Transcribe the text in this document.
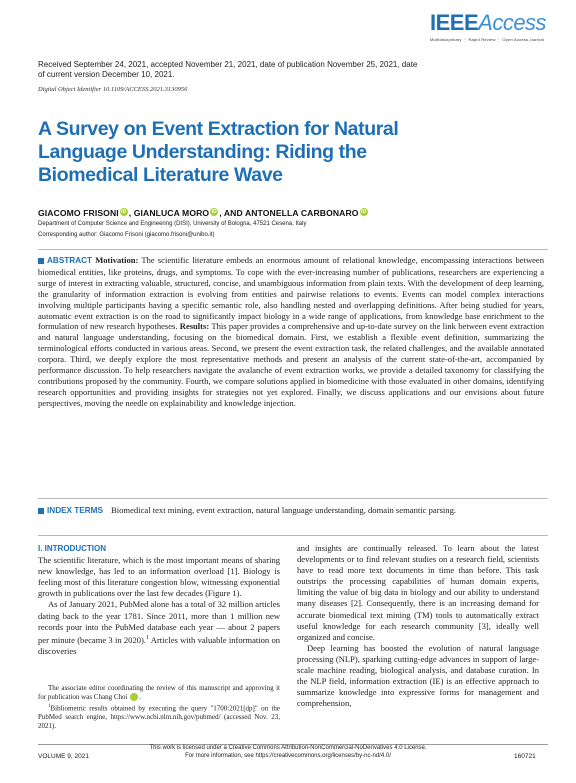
IEEEAccess
Multidisciplinary ⋮ Rapid Review ⋮ Open Access Journal
Received September 24, 2021, accepted November 21, 2021, date of publication November 25, 2021, date of current version December 10, 2021.
Digital Object Identifier 10.1109/ACCESS.2021.3130956
A Survey on Event Extraction for Natural Language Understanding: Riding the Biomedical Literature Wave
GIACOMO FRISONI iD , GIANLUCA MORO iD , AND ANTONELLA CARBONARO iD
Department of Computer Science and Engineering (DISI), University of Bologna, 47521 Cesena, Italy
Corresponding author: Giacomo Frisoni (giacomo.frisoni@unibo.it)
ABSTRACT Motivation: The scientific literature embeds an enormous amount of relational knowledge, encompassing interactions between biomedical entities, like proteins, drugs, and symptoms. To cope with the ever-increasing number of publications, researchers are experiencing a surge of interest in extracting valuable, structured, concise, and unambiguous information from plain texts. With the development of deep learning, the granularity of information extraction is evolving from entities and pairwise relations to events. Events can model complex interactions involving multiple participants having a specific semantic role, also handling nested and overlapping definitions. After being studied for years, automatic event extraction is on the road to significantly impact biology in a wide range of applications, from knowledge base enrichment to the formulation of new research hypotheses. Results: This paper provides a comprehensive and up-to-date survey on the link between event extraction and natural language understanding, focusing on the biomedical domain. First, we establish a flexible event definition, summarizing the terminological efforts conducted in various areas. Second, we present the event extraction task, the related challenges, and the available annotated corpora. Third, we deeply explore the most representative methods and present an analysis of the current state-of-the-art, accompanied by performance discussion. To help researchers navigate the avalanche of event extraction works, we provide a detailed taxonomy for classifying the contributions proposed by the community. Fourth, we compare solutions applied in biomedicine with those evaluated in other domains, identifying research opportunities and providing insights for strategies not yet explored. Finally, we discuss applications and our envisions about future perspectives, moving the needle on explainability and knowledge injection.
INDEX TERMS Biomedical text mining, event extraction, natural language understanding, domain semantic parsing.
I. INTRODUCTION

The scientific literature, which is the most important means of sharing new knowledge, has led to an information overload [1]. Biology is feeling most of this literature congestion blow, witnessing exponential growth in publications over the last few decades (Figure 1).

As of January 2021, PubMed alone has a total of 32 million articles dating back to the year 1781. Since 2011, more than 1 million new records pour into the PubMed database each year — about 2 papers per minute (became 3 in 2020).$^1$ Articles with valuable information on discoveries

The associate editor coordinating the review of this manuscript and approving it for publication was Chang Choi	iD

$^1$Bibliometric results obtained by executing the query "1700:2021[dp]" on the PubMed search engine, https://www.ncbi.nlm.nih.gov/pubmed/ (accessed Nov. 23, 2021).

and insights are continually released. To learn about the latest developments or to find relevant studies on a research field, scientists have to read more text documents in time than before. This task outstrips the processing capabilities of human domain experts, limiting the value of big data in biology and our ability to understand many diseases [2]. Consequently, there is an increasing demand for accurate biomedical text mining (TM) tools to automatically extract useful knowledge for each research community [3], ideally well organized and concise.

Deep learning has boosted the evolution of natural language processing (NLP), sparking cutting-edge advances in support of large-scale machine reading, biological analysis, and database curation. In the NLP field, information extraction (IE) is an effective approach to summarize knowledge into expressive forms for management and comprehension,

This work is licensed under a Creative Commons Attribution-NonCommercial-NoDerivatives 4.0 License.
For more information, see https://creativecommons.org/licenses/by-nc-nd/4.0/
VOLUME 9, 2021	160721
